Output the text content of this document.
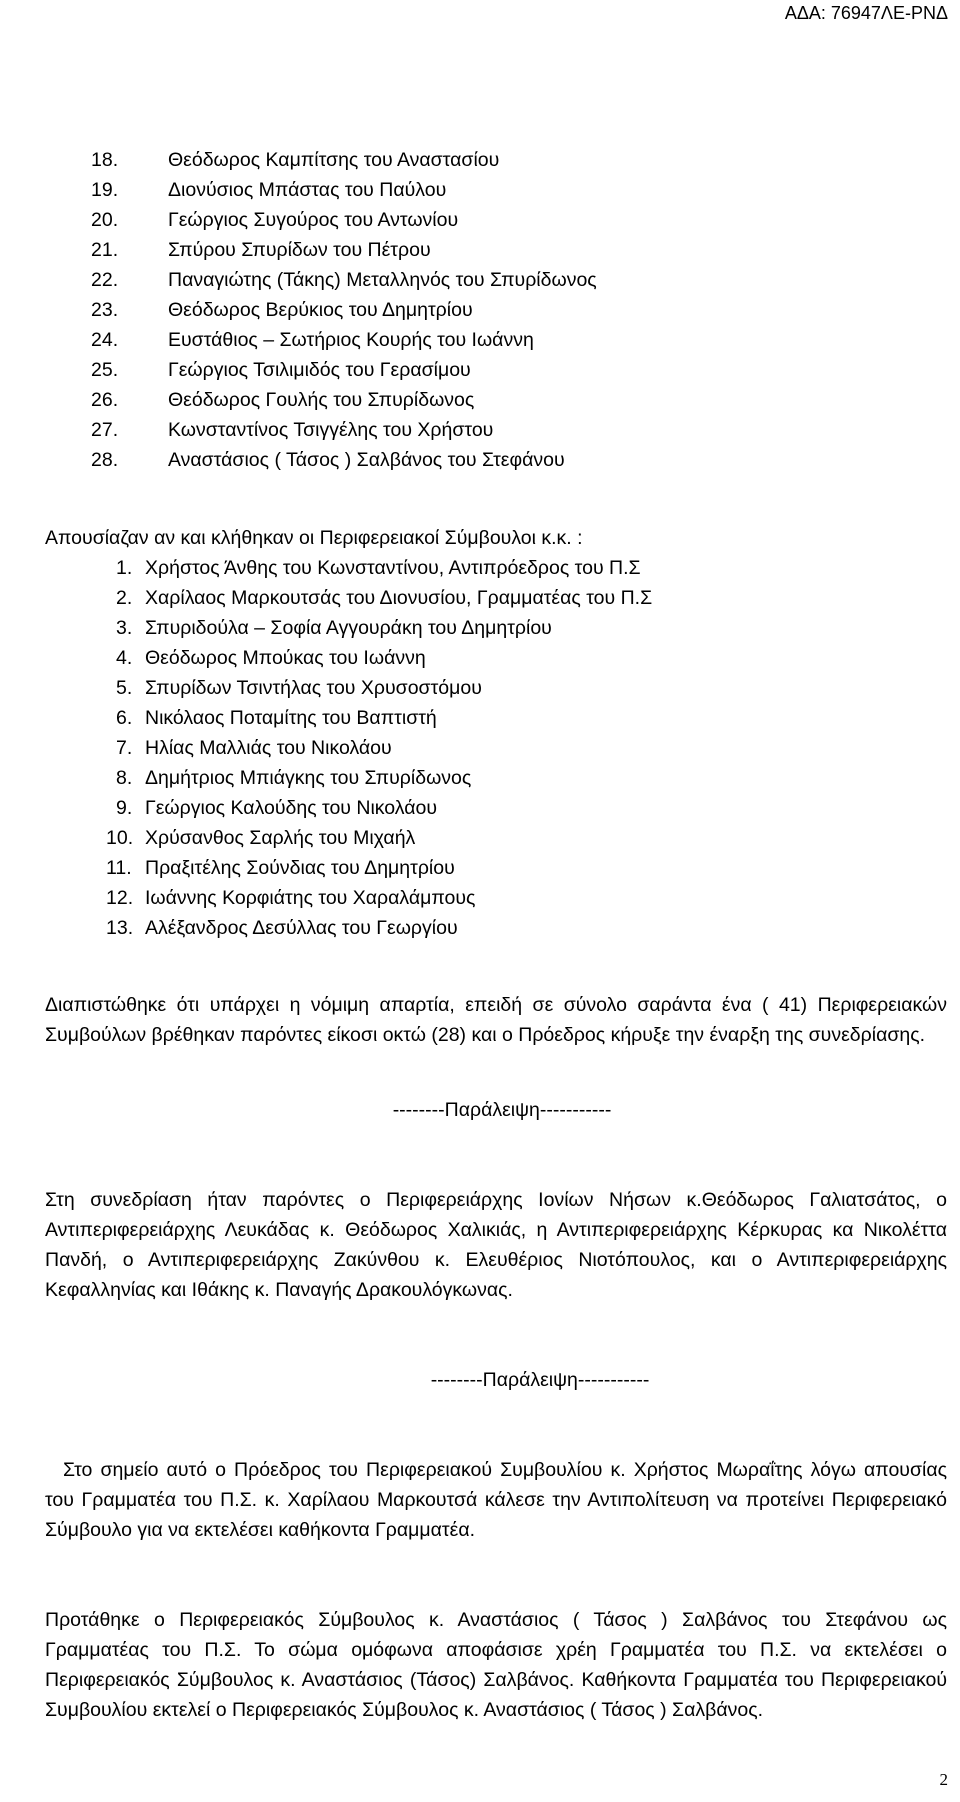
ΑΔΑ: 76947ΛΕ-ΡΝΔ
18.	Θεόδωρος Καμπίτσης του Αναστασίου
19.	Διονύσιος Μπάστας του Παύλου
20.	Γεώργιος Συγούρος του Αντωνίου
21.	Σπύρου Σπυρίδων του Πέτρου
22.	Παναγιώτης (Τάκης) Μεταλληνός του Σπυρίδωνος
23.	Θεόδωρος Βερύκιος του Δημητρίου
24.	Ευστάθιος – Σωτήριος Κουρής του Ιωάννη
25.	Γεώργιος Τσιλιμιδός του Γερασίμου
26.	Θεόδωρος Γουλής του Σπυρίδωνος
27.	Κωνσταντίνος Τσιγγέλης του Χρήστου
28.	Αναστάσιος ( Τάσος ) Σαλβάνος του Στεφάνου
Απουσίαζαν αν και κλήθηκαν οι Περιφερειακοί Σύμβουλοι κ.κ. :
1. Χρήστος Άνθης του Κωνσταντίνου, Αντιπρόεδρος του Π.Σ
2. Χαρίλαος Μαρκουτσάς του Διονυσίου, Γραμματέας του Π.Σ
3. Σπυριδούλα – Σοφία Αγγουράκη του Δημητρίου
4. Θεόδωρος Μπούκας του Ιωάννη
5. Σπυρίδων Τσιντήλας του Χρυσοστόμου
6. Νικόλαος Ποταμίτης του Βαπτιστή
7. Ηλίας Μαλλιάς του Νικολάου
8. Δημήτριος Μπιάγκης του Σπυρίδωνος
9. Γεώργιος Καλούδης του Νικολάου
10. Χρύσανθος Σαρλής του Μιχαήλ
11. Πραξιτέλης Σούνδιας του Δημητρίου
12. Ιωάννης Κορφιάτης του Χαραλάμπους
13. Αλέξανδρος Δεσύλλας του Γεωργίου

Διαπιστώθηκε ότι υπάρχει η νόμιμη απαρτία, επειδή σε σύνολο σαράντα ένα ( 41) Περιφερειακών Συμβούλων βρέθηκαν παρόντες είκοσι οκτώ (28) και ο Πρόεδρος κήρυξε την έναρξη της συνεδρίασης.

--------Παράλειψη-----------

Στη συνεδρίαση ήταν παρόντες ο Περιφερειάρχης Ιονίων Νήσων κ.Θεόδωρος Γαλιατσάτος, ο Αντιπεριφερειάρχης Λευκάδας κ. Θεόδωρος Χαλικιάς, η Αντιπεριφερειάρχης Κέρκυρας κα Νικολέττα Πανδή, ο Αντιπεριφερειάρχης Ζακύνθου κ. Ελευθέριος Νιοτόπουλος, και ο Αντιπεριφερειάρχης Κεφαλληνίας και Ιθάκης κ. Παναγής Δρακουλόγκωνας.

--------Παράλειψη-----------

Στο σημείο αυτό ο Πρόεδρος του Περιφερειακού Συμβουλίου κ. Χρήστος Μωραΐτης λόγω απουσίας του Γραμματέα του Π.Σ. κ. Χαρίλαου Μαρκουτσά κάλεσε την Αντιπολίτευση να προτείνει Περιφερειακό Σύμβουλο για να εκτελέσει καθήκοντα Γραμματέα.

Προτάθηκε ο Περιφερειακός Σύμβουλος κ. Αναστάσιος ( Τάσος ) Σαλβάνος του Στεφάνου ως Γραμματέας του Π.Σ. Το σώμα ομόφωνα αποφάσισε χρέη Γραμματέα του Π.Σ. να εκτελέσει ο Περιφερειακός Σύμβουλος κ. Αναστάσιος (Τάσος) Σαλβάνος. Καθήκοντα Γραμματέα του Περιφερειακού Συμβουλίου εκτελεί ο Περιφερειακός Σύμβουλος κ. Αναστάσιος ( Τάσος ) Σαλβάνος.

2
